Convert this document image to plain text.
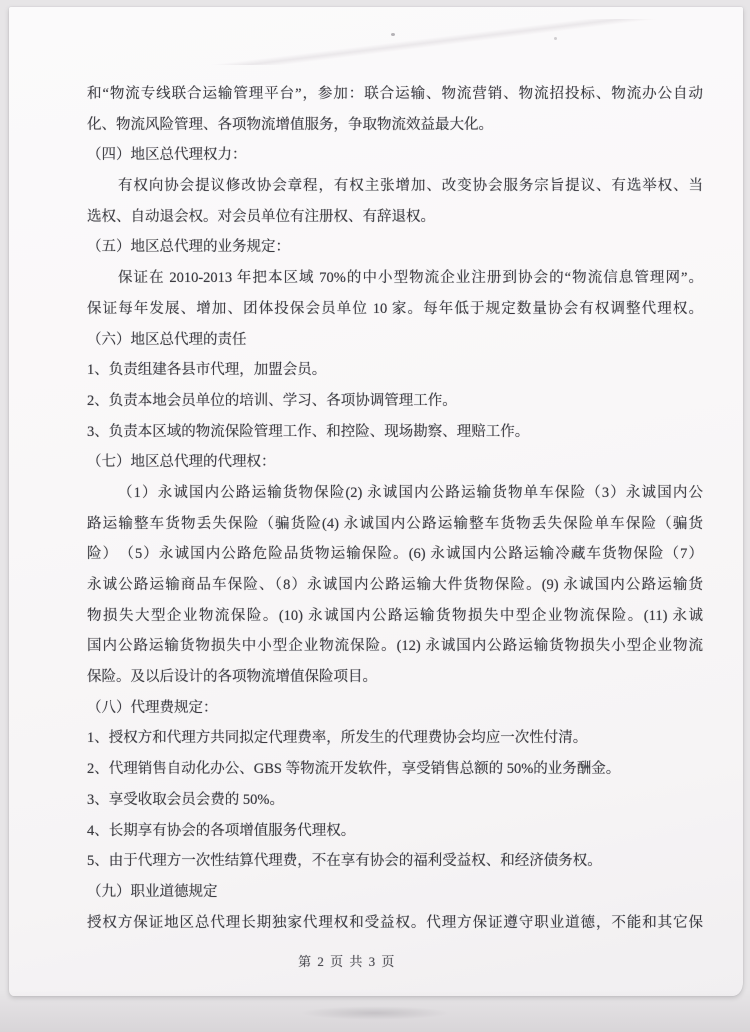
和“物流专线联合运输管理平台”，参加：联合运输、物流营销、物流招投标、物流办公自动
化、物流风险管理、各项物流增值服务，争取物流效益最大化。
（四）地区总代理权力：
有权向协会提议修改协会章程，有权主张增加、改变协会服务宗旨提议、有选举权、当
选权、自动退会权。对会员单位有注册权、有辞退权。
（五）地区总代理的业务规定：
保证在 2010-2013 年把本区域 70%的中小型物流企业注册到协会的“物流信息管理网”。
保证每年发展、增加、团体投保会员单位 10 家。每年低于规定数量协会有权调整代理权。
（六）地区总代理的责任
1、负责组建各县市代理，加盟会员。
2、负责本地会员单位的培训、学习、各项协调管理工作。
3、负责本区域的物流保险管理工作、和控险、现场勘察、理赔工作。
（七）地区总代理的代理权：
（1）永诚国内公路运输货物保险(2) 永诚国内公路运输货物单车保险（3）永诚国内公
路运输整车货物丢失保险（骗货险(4) 永诚国内公路运输整车货物丢失保险单车保险（骗货
险）　（5）永诚国内公路危险品货物运输保险。(6) 永诚国内公路运输冷藏车货物保险（7）
永诚公路运输商品车保险、（8）永诚国内公路运输大件货物保险。(9) 永诚国内公路运输货
物损失大型企业物流保险。(10) 永诚国内公路运输货物损失中型企业物流保险。(11) 永诚
国内公路运输货物损失中小型企业物流保险。(12) 永诚国内公路运输货物损失小型企业物流
保险。及以后设计的各项物流增值保险项目。
（八）代理费规定：
1、授权方和代理方共同拟定代理费率，所发生的代理费协会均应一次性付清。
2、代理销售自动化办公、GBS 等物流开发软件，享受销售总额的 50%的业务酬金。
3、享受收取会员会费的 50%。
4、长期享有协会的各项增值服务代理权。
5、由于代理方一次性结算代理费，不在享有协会的福利受益权、和经济债务权。
（九）职业道德规定
授权方保证地区总代理长期独家代理权和受益权。代理方保证遵守职业道德，不能和其它保
第 2 页 共 3 页
